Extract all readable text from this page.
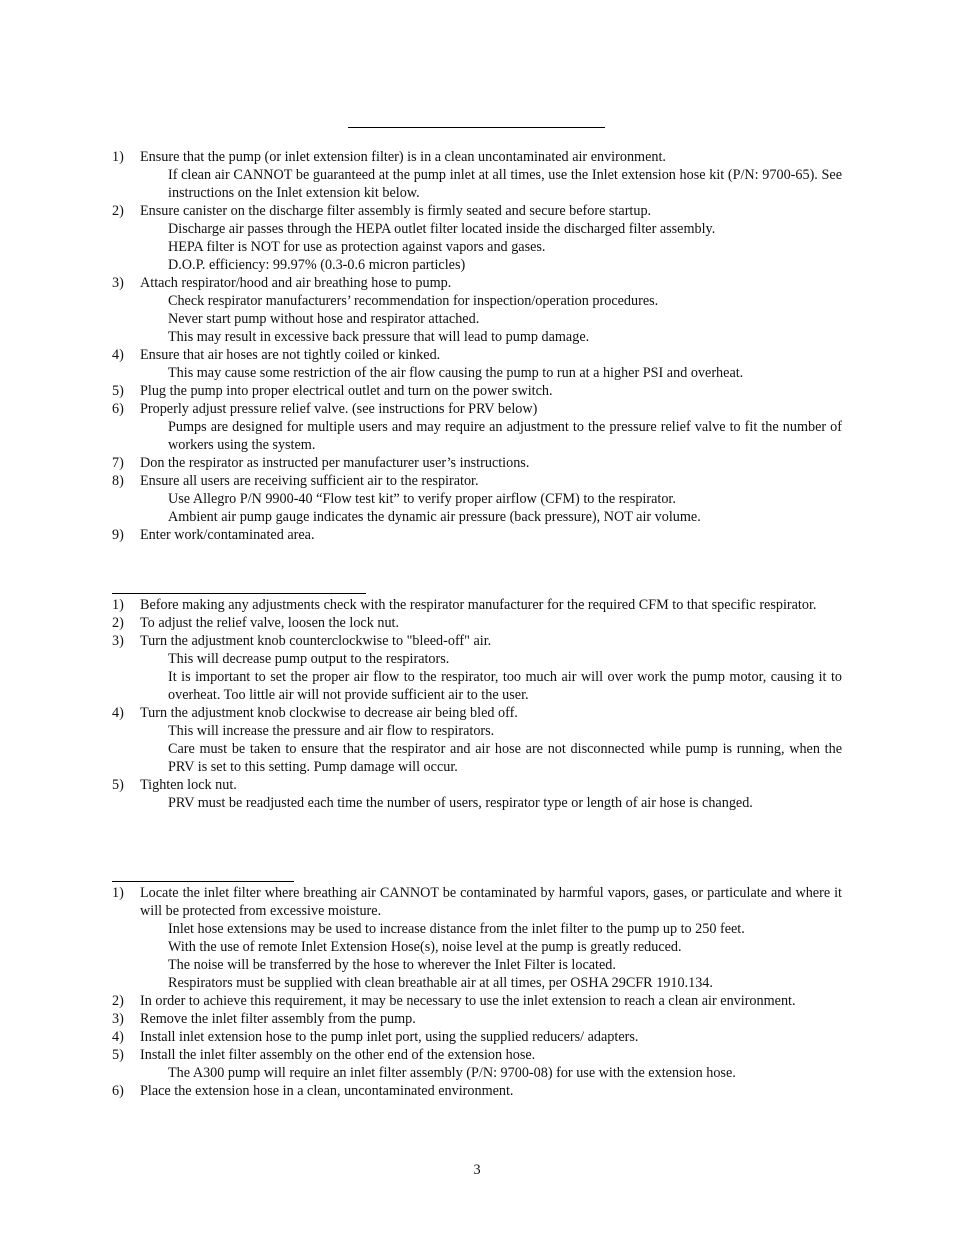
1)	Ensure that the pump (or inlet extension filter) is in a clean uncontaminated air environment.
If clean air CANNOT be guaranteed at the pump inlet at all times, use the Inlet extension hose kit (P/N: 9700-65). See instructions on the Inlet extension kit below.
2)	Ensure canister on the discharge filter assembly is firmly seated and secure before startup.
Discharge air passes through the HEPA outlet filter located inside the discharged filter assembly.
HEPA filter is NOT for use as protection against vapors and gases.
D.O.P. efficiency: 99.97% (0.3-0.6 micron particles)
3)	Attach respirator/hood and air breathing hose to pump.
Check respirator manufacturers’ recommendation for inspection/operation procedures.
Never start pump without hose and respirator attached.
This may result in excessive back pressure that will lead to pump damage.
4)	Ensure that air hoses are not tightly coiled or kinked.
This may cause some restriction of the air flow causing the pump to run at a higher PSI and overheat.
5)	Plug the pump into proper electrical outlet and turn on the power switch.
6)	Properly adjust pressure relief valve. (see instructions for PRV below)
Pumps are designed for multiple users and may require an adjustment to the pressure relief valve to fit the number of workers using the system.
7)	Don the respirator as instructed per manufacturer user’s instructions.
8)	Ensure all users are receiving sufficient air to the respirator.
Use Allegro P/N 9900-40 “Flow test kit” to verify proper airflow (CFM) to the respirator.
Ambient air pump gauge indicates the dynamic air pressure (back pressure), NOT air volume.
9)	Enter work/contaminated area.
1)	Before making any adjustments check with the respirator manufacturer for the required CFM to that specific respirator.
2)	To adjust the relief valve, loosen the lock nut.
3)	Turn the adjustment knob counterclockwise to "bleed-off" air.
This will decrease pump output to the respirators.
It is important to set the proper air flow to the respirator, too much air will over work the pump motor, causing it to overheat. Too little air will not provide sufficient air to the user.
4)	Turn the adjustment knob clockwise to decrease air being bled off.
This will increase the pressure and air flow to respirators.
Care must be taken to ensure that the respirator and air hose are not disconnected while pump is running, when the PRV is set to this setting. Pump damage will occur.
5)	Tighten lock nut.
PRV must be readjusted each time the number of users, respirator type or length of air hose is changed.
1)	Locate the inlet filter where breathing air CANNOT be contaminated by harmful vapors, gases, or particulate and where it will be protected from excessive moisture.
Inlet hose extensions may be used to increase distance from the inlet filter to the pump up to 250 feet.
With the use of remote Inlet Extension Hose(s), noise level at the pump is greatly reduced.
The noise will be transferred by the hose to wherever the Inlet Filter is located.
Respirators must be supplied with clean breathable air at all times, per OSHA 29CFR 1910.134.
2)	In order to achieve this requirement, it may be necessary to use the inlet extension to reach a clean air environment.
3)	Remove the inlet filter assembly from the pump.
4)	Install inlet extension hose to the pump inlet port, using the supplied reducers/ adapters.
5)	Install the inlet filter assembly on the other end of the extension hose.
The A300 pump will require an inlet filter assembly (P/N: 9700-08) for use with the extension hose.
6)	Place the extension hose in a clean, uncontaminated environment.
3
